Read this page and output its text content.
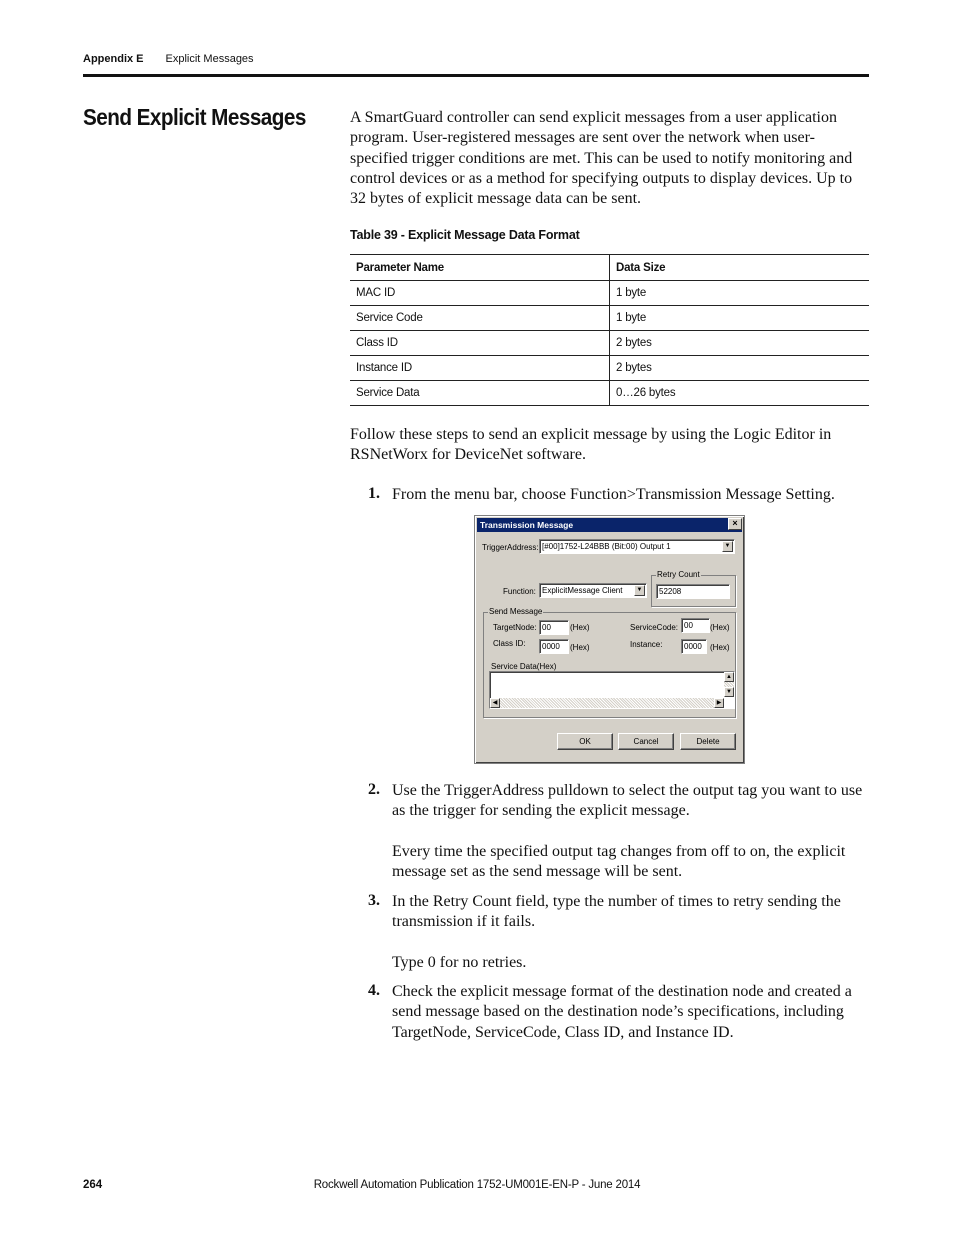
Appendix E Explicit Messages
Send Explicit Messages	A SmartGuard controller can send explicit messages from a user application program. User-registered messages are sent over the network when user-specified trigger conditions are met. This can be used to notify monitoring and control devices or as a method for specifying outputs to display devices. Up to 32 bytes of explicit message data can be sent.

Table 39 - Explicit Message Data Format
Parameter Name	Data Size
MAC ID	1 byte
Service Code	1 byte
Class ID	2 bytes
Instance ID	2 bytes
Service Data	0…26 bytes

Follow these steps to send an explicit message by using the Logic Editor in RSNetWorx for DeviceNet software.

1. From the menu bar, choose Function>Transmission Message Setting.

Transmission Message	×
TriggerAddress: [#00]1752-L24BBB (Bit:00) Output 1	▼
Retry Count
52208
Function: ExplicitMessage Client	▼
Send Message
TargetNode: 00	(Hex)	ServiceCode: 00	(Hex)
Class ID:	0000	(Hex)	Instance:	0000	(Hex)
Service Data(Hex)
▲
▼
◀	▶
OK	Cancel	Delete
2. Use the TriggerAddress pulldown to select the output tag you want to use as the trigger for sending the explicit message.

Every time the specified output tag changes from off to on, the explicit message set as the send message will be sent.

3. In the Retry Count field, type the number of times to retry sending the transmission if it fails.

Type 0 for no retries.

4. Check the explicit message format of the destination node and created a send message based on the destination node’s specifications, including TargetNode, ServiceCode, Class ID, and Instance ID.

264	Rockwell Automation Publication 1752-UM001E-EN-P - June 2014
